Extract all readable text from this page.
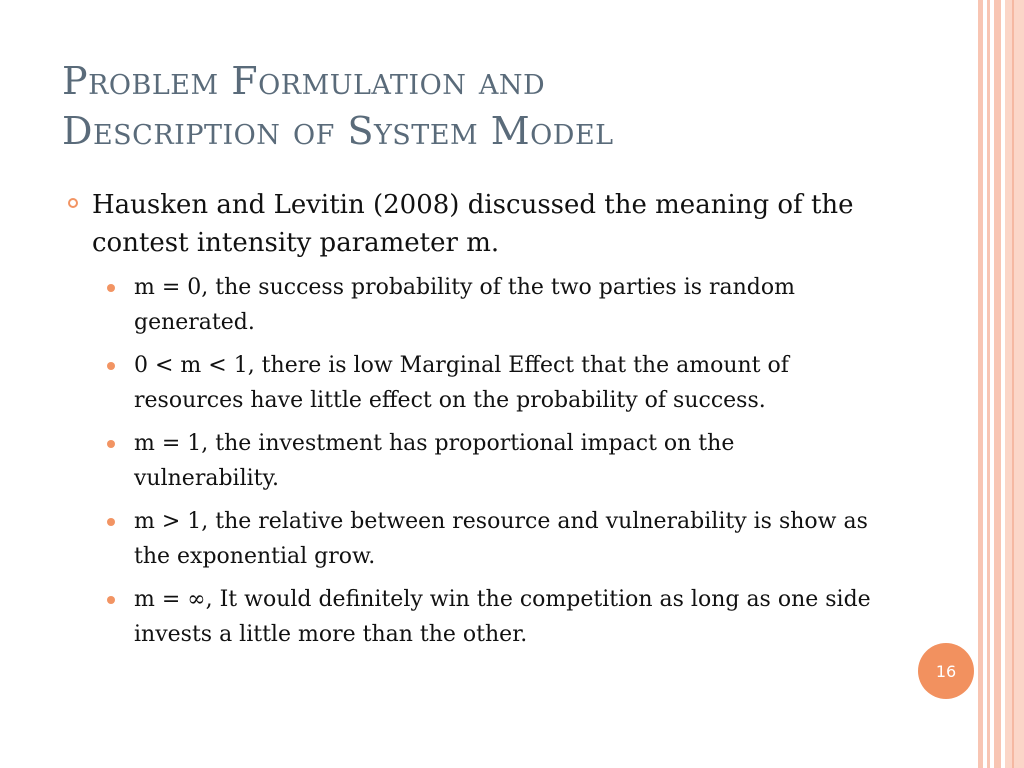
Problem Formulation and
Description of System Model
Hausken and Levitin (2008) discussed the meaning of the contest intensity parameter m.
m = 0, the success probability of the two parties is random generated.
0 < m < 1, there is low Marginal Effect that the amount of resources have little effect on the probability of success.
m = 1, the investment has proportional impact on the vulnerability.
m > 1, the relative between resource and vulnerability is show as the exponential grow.
m = ∞, It would definitely win the competition as long as one side invests a little more than the other.
16
